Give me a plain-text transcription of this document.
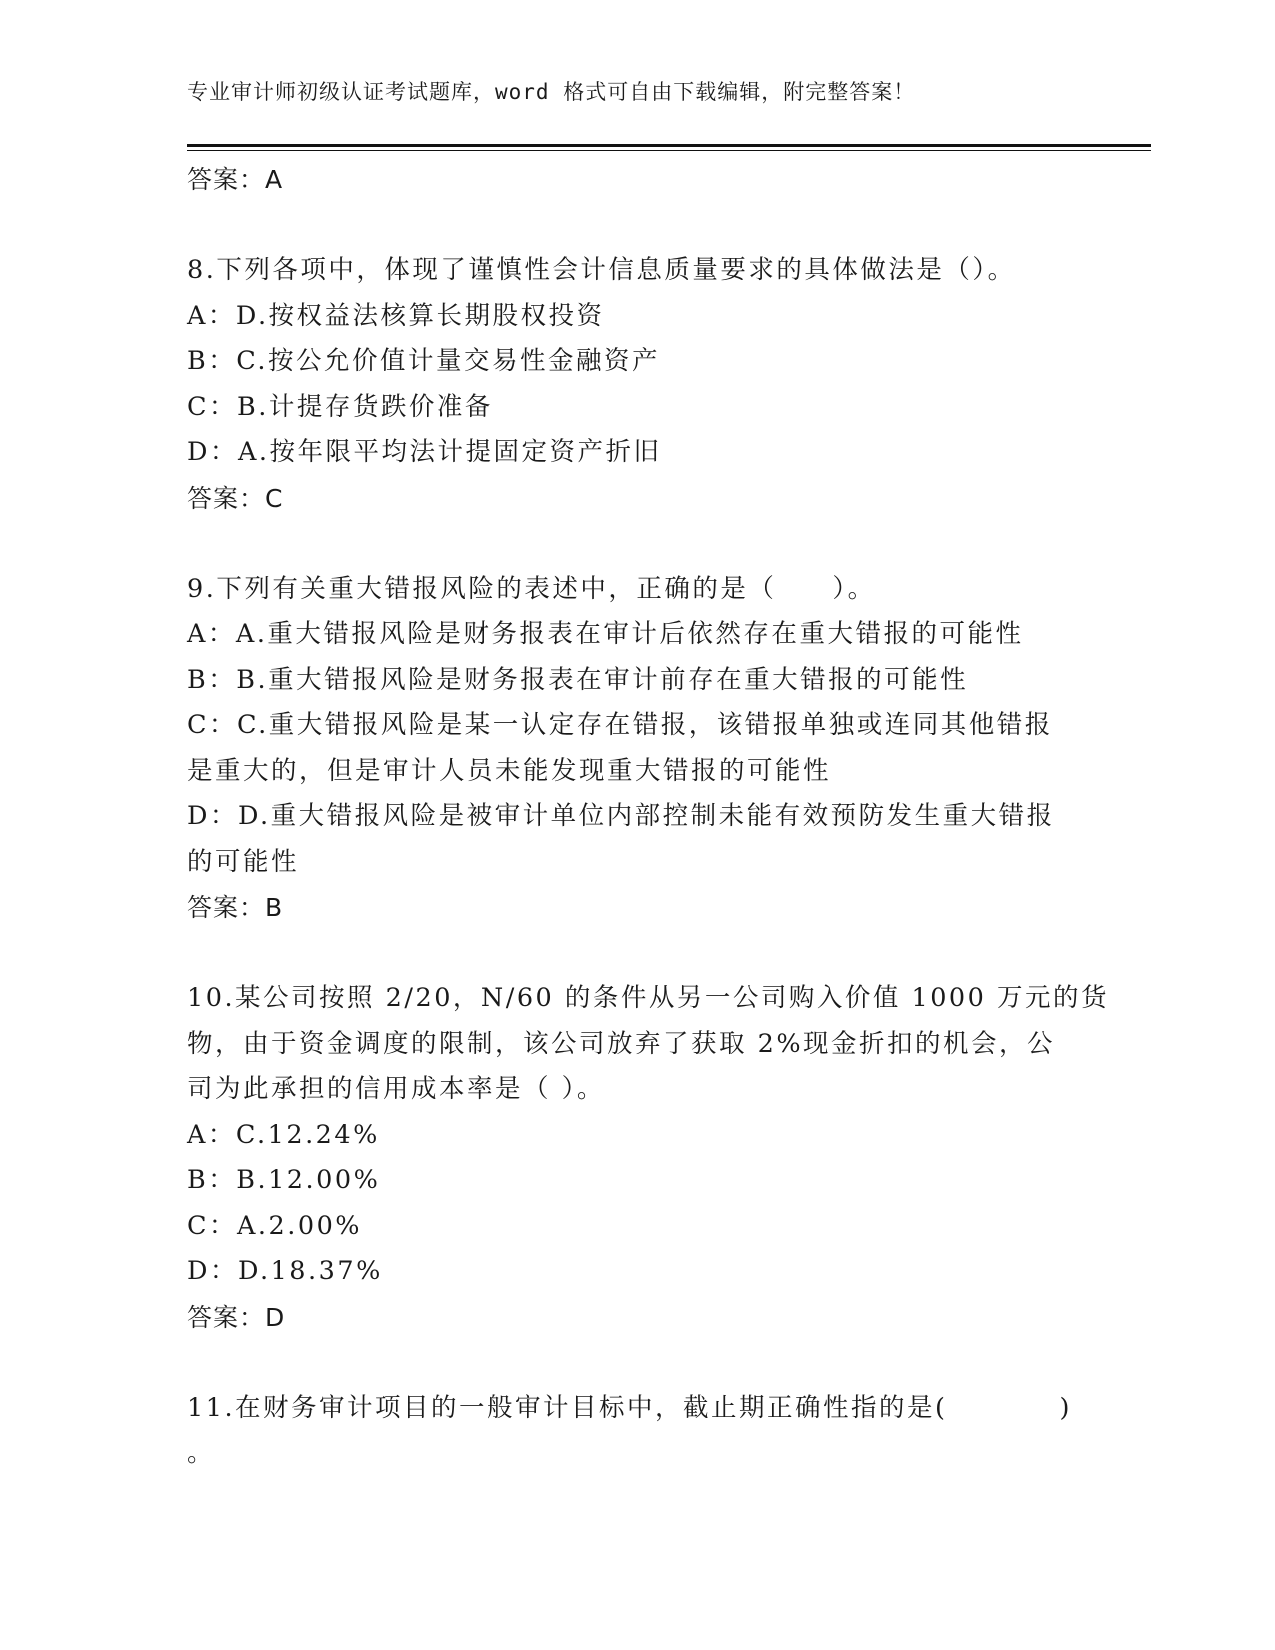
专业审计师初级认证考试题库，word 格式可自由下载编辑，附完整答案！
答案：A
8.下列各项中，体现了谨慎性会计信息质量要求的具体做法是（）。
A：D.按权益法核算长期股权投资
B：C.按公允价值计量交易性金融资产
C：B.计提存货跌价准备
D：A.按年限平均法计提固定资产折旧
答案：C
9.下列有关重大错报风险的表述中，正确的是（　　）。
A：A.重大错报风险是财务报表在审计后依然存在重大错报的可能性
B：B.重大错报风险是财务报表在审计前存在重大错报的可能性
C：C.重大错报风险是某一认定存在错报，该错报单独或连同其他错报
是重大的，但是审计人员未能发现重大错报的可能性
D：D.重大错报风险是被审计单位内部控制未能有效预防发生重大错报
的可能性
答案：B
10.某公司按照 2/20，N/60 的条件从另一公司购入价值 1000 万元的货
物，由于资金调度的限制，该公司放弃了获取 2%现金折扣的机会，公
司为此承担的信用成本率是（ ）。
A：C.12.24%
B：B.12.00%
C：A.2.00%
D：D.18.37%
答案：D
11.在财务审计项目的一般审计目标中，截止期正确性指的是(　　　　)
。
